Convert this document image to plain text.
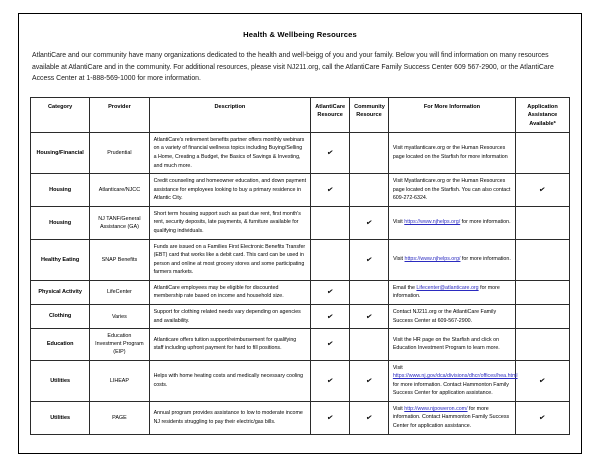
Health & Wellbeing Resources

AtlantiCare and our community have many organizations dedicated to the health and well-beigg of you and your family. Below you will find information on many resources available at AtlantiCare and in the community. For additional resources, please visit NJ211.org, call the AtlantiCare Family Success Center 609 567-2900, or the AtlantiCare Access Center at 1-888-569-1000 for more information.

Category	Provider	Description	AtlantiCare Resource	Community Resource	For More Information	Application Assistance Available*
Housing/Financial	Prudential	AtlantiCare's retirement benefits partner offers monthly webinars on a variety of financial wellness topics including Buying/Selling a Home, Creating a Budget, the Basics of Savings & Investing, and much more.	✔		Visit myatlanticare.org or the Human Resources page located on the Starfish for more information	
Housing	Atlanticare/NJCC	Credit counseling and homeowner education, and down payment assistance for employees looking to buy a primary residence in Atlantic City.	✔		Visit Myatlanticare.org or the Human Resources page located on the Starfish. You can also contact 609-272-6324.	✔
Housing	NJ TANF/General Assistance (GA)	Short term housing support such as past due rent, first month's rent, security deposits, late payments, & furniture available for qualifying individuals.		✔	Visit https://www.njhelps.org/ for more information.	
Healthy Eating	SNAP Benefits	Funds are issued on a Families First Electronic Benefits Transfer (EBT) card that works like a debit card. This card can be used in person and online at most grocery stores and some participating farmers markets.		✔	Visit https://www.njhelps.org/ for more information.	
Physical Activity	LifeCenter	AtlantiCare employees may be eligible for discounted membership rate based on income and household size.	✔		Email the Lifecenter@atlanticare.org for more information.	
Clothing	Varies	Support for clothing related needs vary depending on agencies and availability.	✔	✔	Contact NJ211.org or the AtlantiCare Family Success Center at 609-567-2900.	
Education	Education Investment Program (EIP)	Atlanticare offers tuition support/reimbursement for qualifying staff including upfront payment for hard to fill positions.	✔		Visit the HR page on the Starfish and click on Education Investment Program to learn more.	
Utilities	LIHEAP	Helps with home heating costs and medically necessary cooling costs.	✔	✔	Visit https://www.nj.gov/dca/divisions/dhcr/offices/hea.html for more information. Contact Hammonton Family Success Center for application assistance.	✔
Utilities	PAGE	Annual program provides assistance to low to moderate income NJ residents struggling to pay their electric/gas bills.	✔	✔	Visit http://www.njpoweron.com/ for more information. Contact Hammonton Family Success Center for application assistance.	✔
